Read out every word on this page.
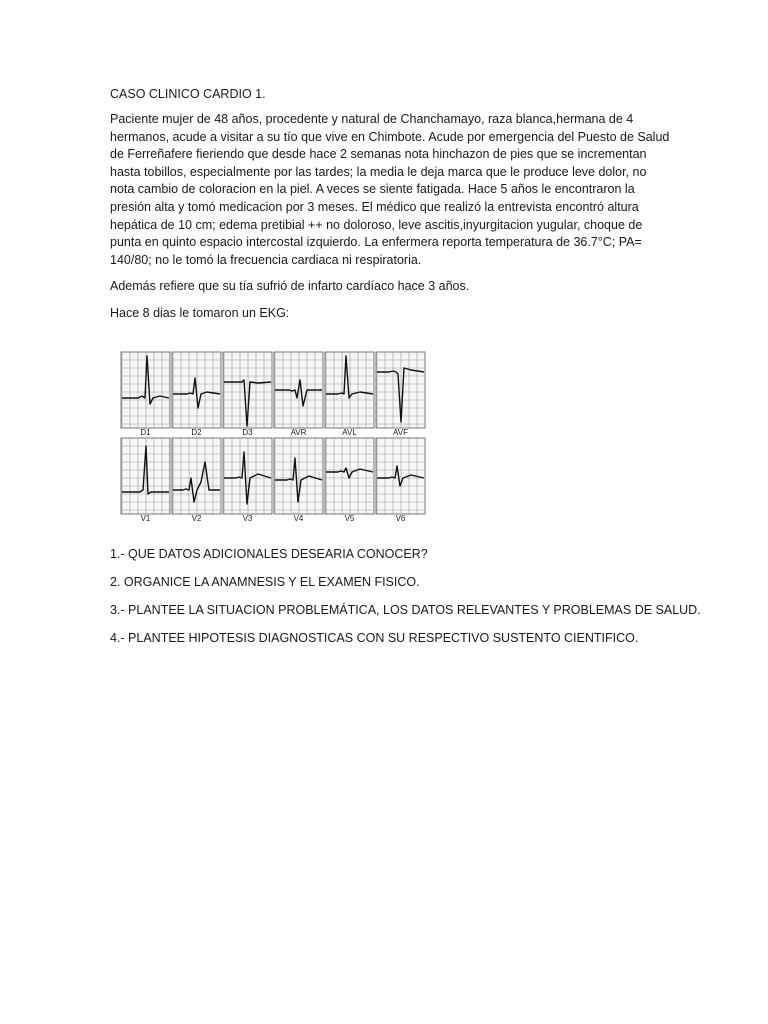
CASO CLINICO CARDIO 1.

Paciente mujer de 48 años, procedente y natural de Chanchamayo, raza blanca,hermana de 4 hermanos, acude a visitar a su tío que vive en Chimbote. Acude por emergencia del Puesto de Salud de Ferreñafere fieriendo que desde hace 2 semanas nota hinchazon de pies que se incrementan hasta tobillos, especialmente por las tardes; la media le deja marca que le produce leve dolor, no nota cambio de coloracion en la piel. A veces se siente fatigada. Hace 5 años le encontraron la presión alta y tomó medicacion por 3 meses. El médico que realizó la entrevista encontró altura hepática de 10 cm; edema pretibial ++ no doloroso, leve ascitis,inyurgitacion yugular, choque de punta en quinto espacio intercostal izquierdo. La enfermera reporta temperatura de 36.7°C; PA= 140/80; no le tomó la frecuencia cardiaca ni respiratoria.

Además refiere que su tía sufrió de infarto cardíaco hace 3 años.

Hace 8 dias le tomaron un EKG:

D1	D2	D3	AVR	AVL	AVF
V1	V2	V3	V4	V5	V6

1.- QUE DATOS ADICIONALES DESEARIA CONOCER?

2. ORGANICE LA ANAMNESIS Y EL EXAMEN FISICO.

3.- PLANTEE LA SITUACION PROBLEMÁTICA, LOS DATOS RELEVANTES Y PROBLEMAS DE SALUD.

4.- PLANTEE HIPOTESIS DIAGNOSTICAS CON SU RESPECTIVO SUSTENTO CIENTIFICO.
